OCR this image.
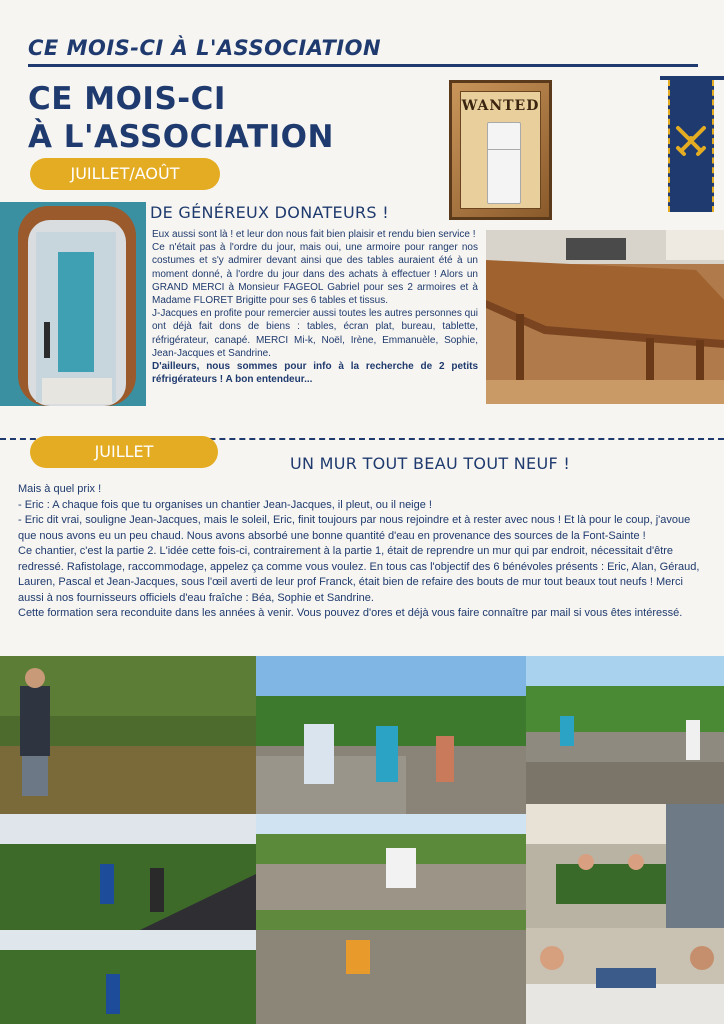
CE MOIS-CI À L'ASSOCIATION
CE MOIS-CI
À L'ASSOCIATION
JUILLET/AOÛT
WANTED
DE GÉNÉREUX DONATEURS !

Eux aussi sont là ! et leur don nous fait bien plaisir et rendu bien service !

Ce n'était pas à l'ordre du jour, mais oui, une armoire pour ranger nos costumes et s'y admirer devant ainsi que des tables auraient été à un moment donné, à l'ordre du jour dans des achats à effectuer ! Alors un GRAND MERCI à Monsieur FAGEOL Gabriel pour ses 2 armoires et à Madame FLORET Brigitte pour ses 6 tables et tissus.

J-Jacques en profite pour remercier aussi toutes les autres personnes qui ont déjà fait dons de biens : tables, écran plat, bureau, tablette, réfrigérateur, canapé. MERCI Mi-k, Noël, Irène, Emmanuèle, Sophie, Jean-Jacques et Sandrine.

D'ailleurs, nous sommes pour info à la recherche de 2 petits réfrigérateurs ! A bon entendeur...

JUILLET
UN MUR TOUT BEAU TOUT NEUF !

Mais à quel prix !

- Eric : A chaque fois que tu organises un chantier Jean-Jacques, il pleut, ou il neige !

- Eric dit vrai, souligne Jean-Jacques, mais le soleil, Eric, finit toujours par nous rejoindre et à rester avec nous ! Et là pour le coup, j'avoue que nous avons eu un peu chaud. Nous avons absorbé une bonne quantité d'eau en provenance des sources de la Font-Sainte !

Ce chantier, c'est la partie 2. L'idée cette fois-ci, contrairement à la partie 1, était de reprendre un mur qui par endroit, nécessitait d'être redressé. Rafistolage, raccommodage, appelez ça comme vous voulez. En tous cas l'objectif des 6 bénévoles présents : Eric, Alan, Géraud, Lauren, Pascal et Jean-Jacques, sous l'œil averti de leur prof Franck, était bien de refaire des bouts de mur tout beaux tout neufs ! Merci aussi à nos fournisseurs officiels d'eau fraîche : Béa, Sophie et Sandrine.

Cette formation sera reconduite dans les années à venir. Vous pouvez d'ores et déjà vous faire connaître par mail si vous êtes intéressé.
